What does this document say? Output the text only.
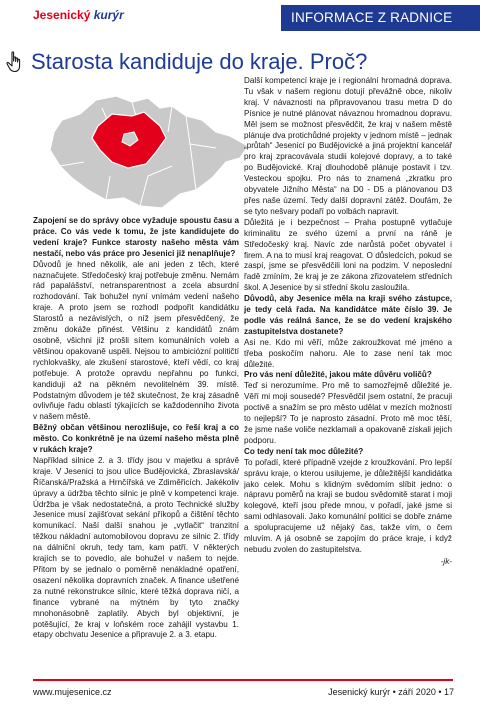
Jesenický kurýr	INFORMACE Z RADNICE
Starosta kandiduje do kraje. Proč?

Zapojení se do správy obce vyžaduje spoustu času a práce. Co vás vede k tomu, že jste kandidujete do vedení kraje? Funkce starosty našeho města vám nestačí, nebo vás práce pro Jesenici již nenaplňuje?

Důvodů je hned několik, ale ani jeden z těch, které naznačujete. Středočeský kraj potřebuje změnu. Nemám rád papalášství, netransparentnost a zcela absurdní rozhodování. Tak bohužel nyní vnímám vedení našeho kraje. A proto jsem se rozhodl podpořit kandidátku Starostů a nezávislých, o níž jsem přesvědčený, že změnu dokáže přinést. Většinu z kandidátů znám osobně, všichni již prošli sítem komunálních voleb a většinou opakovaně uspěli. Nejsou to ambiciózní političtí rychlokvašky, ale zkušení starostové, kteří vědí, co kraj potřebuje. A protože opravdu nepřahnu po funkci, kandiduji až na pěkném nevolitelném 39. místě. Podstatným důvodem je též skutečnost, že kraj zásadně ovlivňuje řadu oblastí týkajících se každodenního života v našem městě.

Běžný občan většinou nerozlišuje, co řeší kraj a co město. Co konkrétně je na území našeho města plně v rukách kraje?

Například silnice 2. a 3. třídy jsou v majetku a správě kraje. V Jesenici to jsou ulice Budějovická, Zbraslavská/Říčanská/Pražská a Hrnčířská ve Zdiměřicích. Jakékoliv úpravy a údržba těchto silnic je plně v kompetenci kraje. Údržba je však nedostatečná, a proto Technické služby Jesenice musí zajišťovat sekání příkopů a čištění těchto komunikací. Naší další snahou je „vytlačit“ tranzitní těžkou nákladní automobilovou dopravu ze silnic 2. třídy na dálniční okruh, tedy tam, kam patří. V některých krajích se to povedlo, ale bohužel v našem to nejde. Přitom by se jednalo o poměrně nenákladné opatření, osazení několika dopravních značek. A finance ušetřené za nutné rekonstrukce silnic, které těžká doprava ničí, a finance vybrané na mýtném by tyto značky mnohonásobně zaplatily. Abych byl objektivní, je potěšující, že kraj v loňském roce zahájil vystavbu 1. etapy obchvatu Jesenice a připravuje 2. a 3. etapu.

Další kompetencí kraje je i regionální hromadná doprava. Tu však v našem regionu dotují převážně obce, nikoliv kraj. V návaznosti na připravovanou trasu metra D do Písnice je nutné plánovat návaznou hromadnou dopravu. Měl jsem se možnost přesvědčit, že kraj v našem městě plánuje dva protichůdné projekty v jednom místě – jednak „průtah“ Jesenicí po Budějovické a jiná projektní kancelář pro kraj zpracovávala studii kolejové dopravy, a to také po Budějovické. Kraj dlouhodobě plánuje postavit i tzv. Vesteckou spojku. Pro nás to znamená „zkratku pro obyvatele Jižního Města“ na D0 - D5 a plánovanou D3 přes naše území. Tedy další dopravní zátěž. Doufám, že se tyto nešvary podaří po volbách napravit.

Důležitá je i bezpečnost – Praha postupně vytlačuje kriminalitu ze svého území a první na ráně je Středočeský kraj. Navíc zde narůstá počet obyvatel i firem. A na to musí kraj reagovat. O důsledcích, pokud se zaspí, jsme se přesvědčili loni na podzim. V neposlední řadě zmíním, že kraj je ze zákona zřizovatelem středních škol. A Jesenice by si střední školu zasloužila.

Důvodů, aby Jesenice měla na kraji svého zástupce, je tedy celá řada. Na kandidátce máte číslo 39. Je podle vás reálná šance, že se do vedení krajského zastupitelstva dostanete?

Asi ne. Kdo mi věří, může zakroužkovat mé jméno a třeba poskočím nahoru. Ale to zase není tak moc důležité.

Pro vás není důležité, jakou máte důvěru voličů?

Teď si nerozumíme. Pro mě to samozřejmě důležité je. Věří mi moji sousedé? Přesvědčil jsem ostatní, že pracuji poctivě a snažím se pro město udělat v mezích možností to nejlepší? To je naprosto zásadní. Proto mě moc těší, že jsme naše voliče nezklamali a opakovaně získali jejich podporu.

Co tedy není tak moc důležité?

To pořadí, které případně vzejde z kroužkování. Pro lepší správu kraje, o kterou usilujeme, je důležitější kandidátka jako celek. Mohu s klidným svědomím slíbit jedno: o nápravu poměrů na kraji se budou svědomitě starat i moji kolegové, kteří jsou přede mnou, v pořadí, jaké jsme si sami odhlasovali. Jako komunální politici se dobře známe a spolupracujeme už nějaký čas, takže vím, o čem mluvím. A já osobně se zapojím do práce kraje, i když nebudu zvolen do zastupitelstva.

-jk-

www.mujesenice.cz	Jesenický kurýr • září 2020 • 17
